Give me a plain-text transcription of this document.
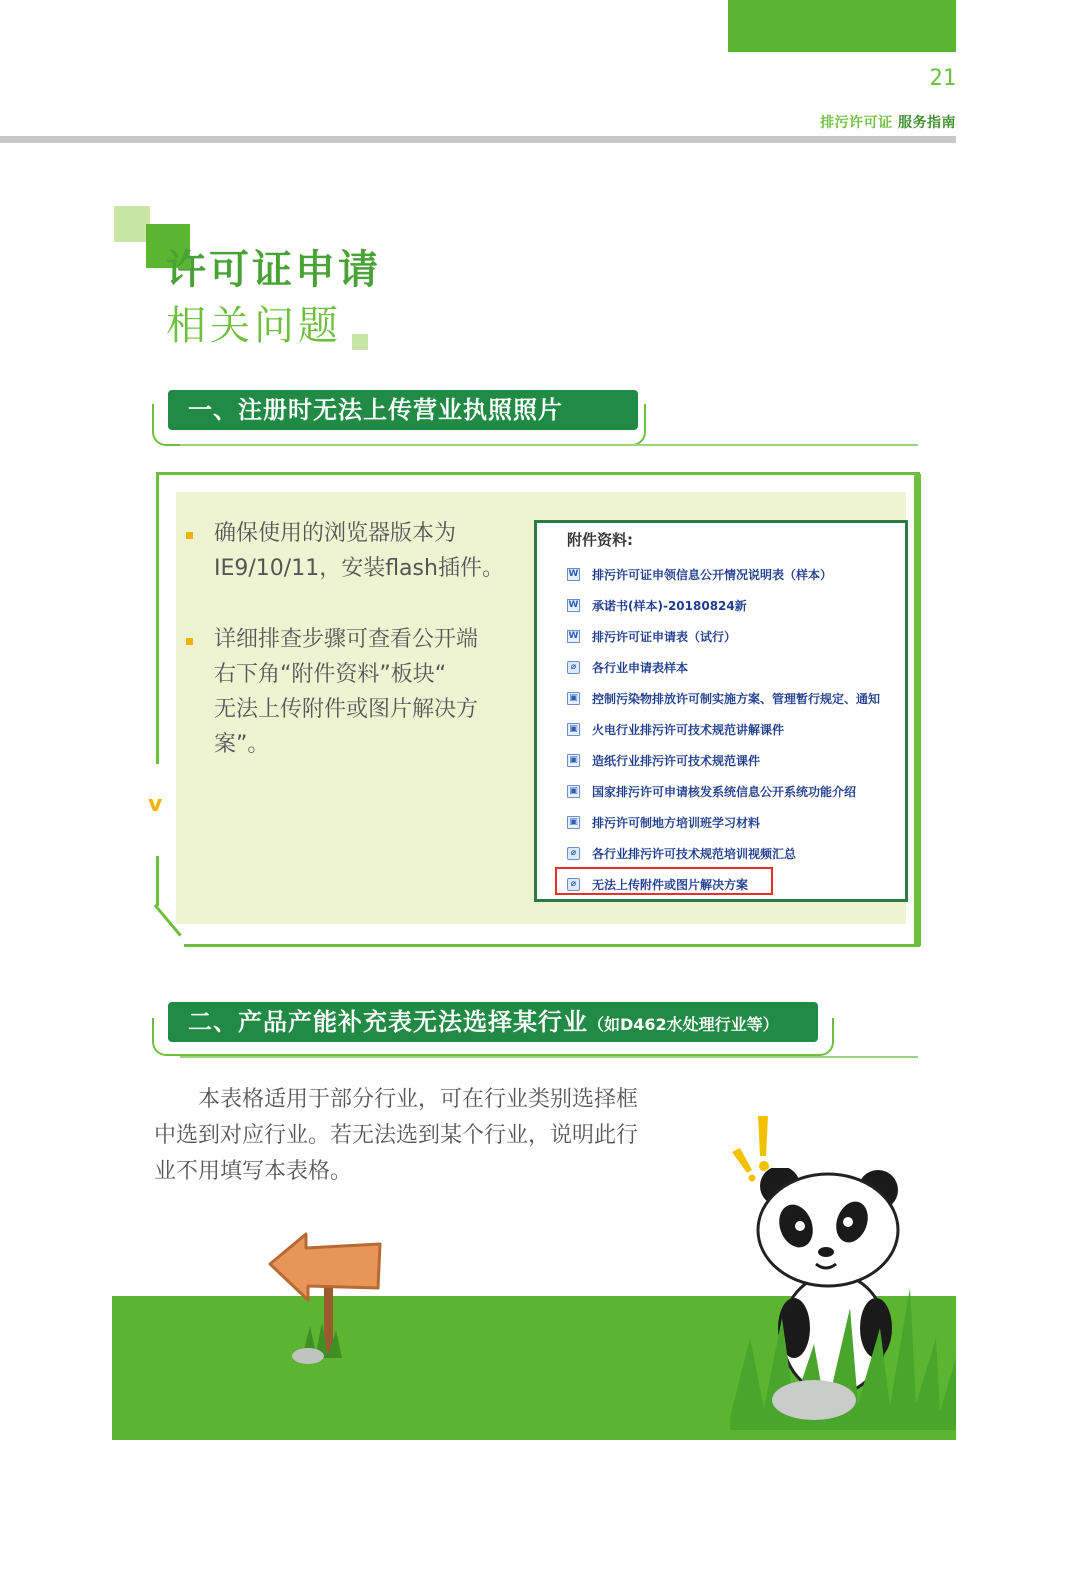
21
排污许可证 服务指南
许可证申请
相关问题
一、注册时无法上传营业执照照片
v
确保使用的浏览器版本为
IE9/10/11，安装flash插件。
详细排查步骤可查看公开端
右下角“附件资料”板块“
无法上传附件或图片解决方
案”。
附件资料:
W 排污许可证申领信息公开情况说明表（样本）
W 承诺书(样本)-20180824新
W 排污许可证申请表（试行）
⌀	各行业申请表样本
▣ 控制污染物排放许可制实施方案、管理暂行规定、通知
▣ 火电行业排污许可技术规范讲解课件
▣ 造纸行业排污许可技术规范课件
▣ 国家排污许可申请核发系统信息公开系统功能介绍
▣ 排污许可制地方培训班学习材料
⌀	各行业排污许可技术规范培训视频汇总
⌀	无法上传附件或图片解决方案
二、产品产能补充表无法选择某行业（如D462水处理行业等）
　　本表格适用于部分行业，可在行业类别选择框
中选到对应行业。若无法选到某个行业，说明此行
业不用填写本表格。
